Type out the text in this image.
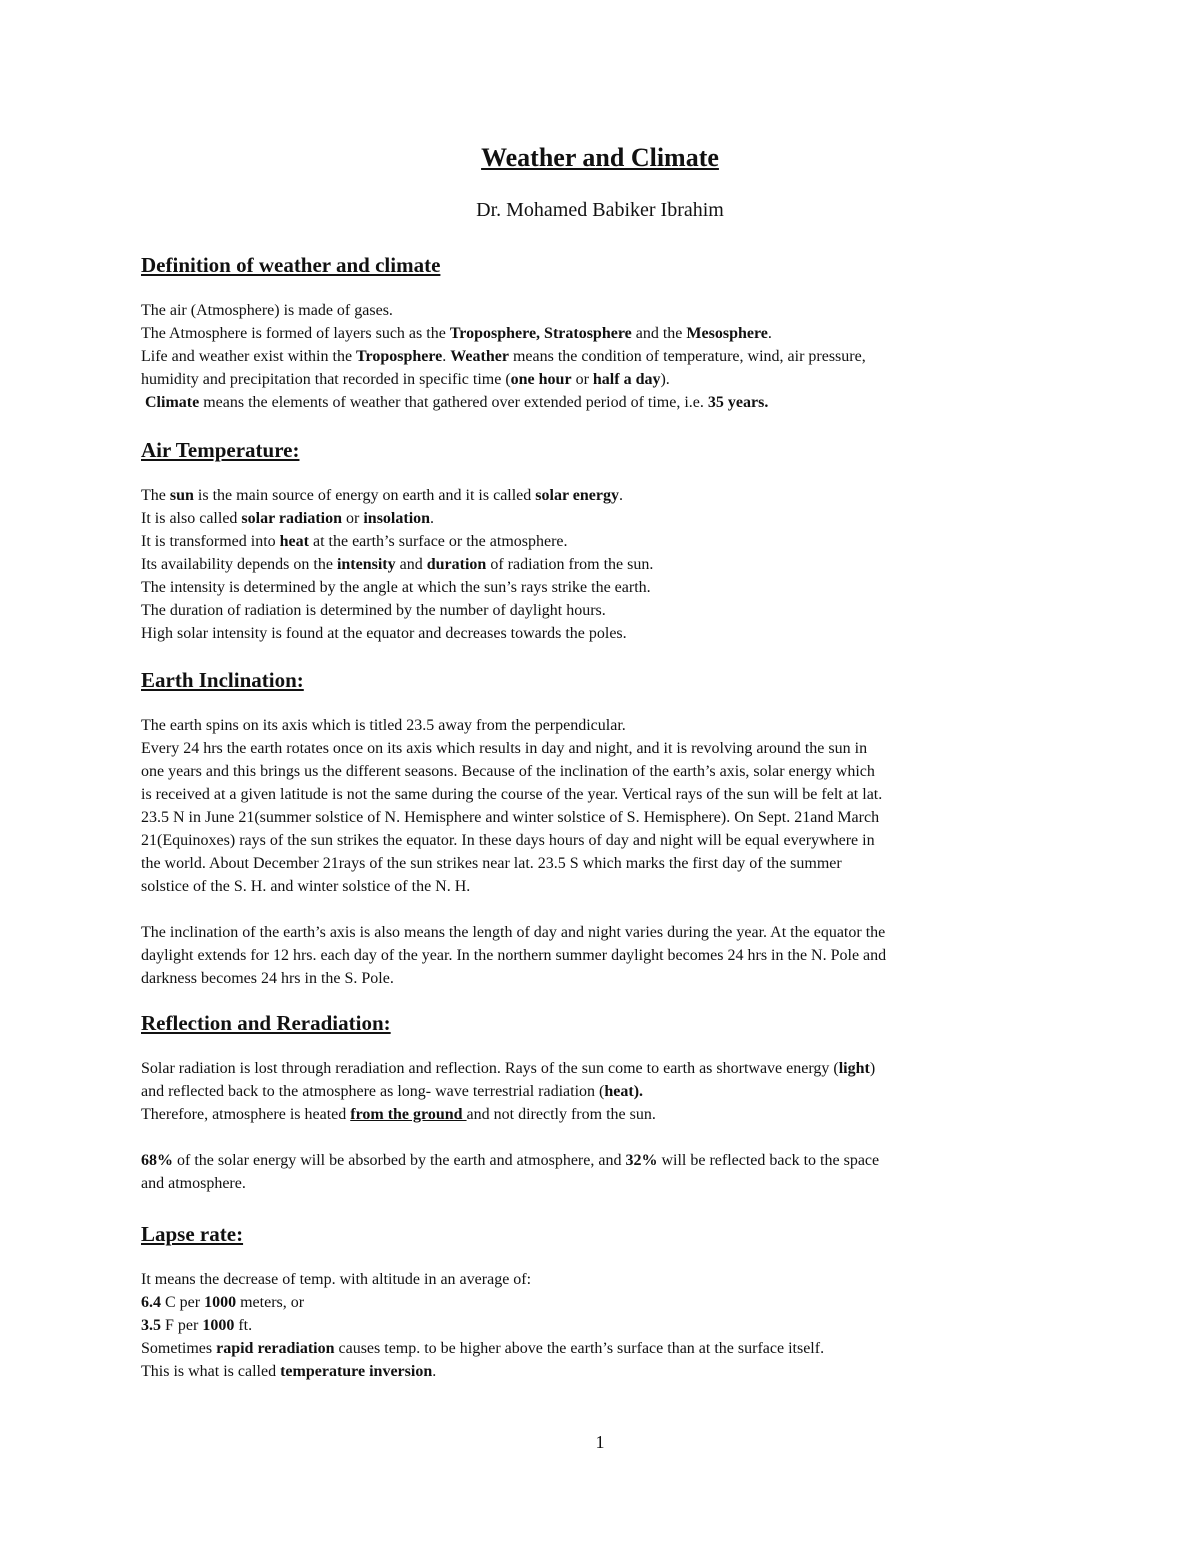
Weather and Climate
Dr. Mohamed Babiker Ibrahim
Definition of weather and climate
The air (Atmosphere) is made of gases.
The Atmosphere is formed of layers such as the Troposphere, Stratosphere and the Mesosphere.
Life and weather exist within the Troposphere. Weather means the condition of temperature, wind, air pressure,
humidity and precipitation that recorded in specific time (one hour or half a day).
Climate means the elements of weather that gathered over extended period of time, i.e. 35 years.
Air Temperature:
The sun is the main source of energy on earth and it is called solar energy.
It is also called solar radiation or insolation.
It is transformed into heat at the earth’s surface or the atmosphere.
Its availability depends on the intensity and duration of radiation from the sun.
The intensity is determined by the angle at which the sun’s rays strike the earth.
The duration of radiation is determined by the number of daylight hours.
High solar intensity is found at the equator and decreases towards the poles.
Earth Inclination:
The earth spins on its axis which is titled 23.5 away from the perpendicular.
Every 24 hrs the earth rotates once on its axis which results in day and night, and it is revolving around the sun in
one years and this brings us the different seasons. Because of the inclination of the earth’s axis, solar energy which
is received at a given latitude is not the same during the course of the year. Vertical rays of the sun will be felt at lat.
23.5 N in June 21(summer solstice of N. Hemisphere and winter solstice of S. Hemisphere). On Sept. 21and March
21(Equinoxes) rays of the sun strikes the equator. In these days hours of day and night will be equal everywhere in
the world. About December 21rays of the sun strikes near lat. 23.5 S which marks the first day of the summer
solstice of the S. H. and winter solstice of the N. H.
The inclination of the earth’s axis is also means the length of day and night varies during the year. At the equator the
daylight extends for 12 hrs. each day of the year. In the northern summer daylight becomes 24 hrs in the N. Pole and
darkness becomes 24 hrs in the S. Pole.
Reflection and Reradiation:
Solar radiation is lost through reradiation and reflection. Rays of the sun come to earth as shortwave energy (light)
and reflected back to the atmosphere as long- wave terrestrial radiation (heat).
Therefore, atmosphere is heated from the ground and not directly from the sun.
68% of the solar energy will be absorbed by the earth and atmosphere, and 32% will be reflected back to the space
and atmosphere.
Lapse rate:
It means the decrease of temp. with altitude in an average of:
6.4 C per 1000 meters, or
3.5 F per 1000 ft.
Sometimes rapid reradiation causes temp. to be higher above the earth’s surface than at the surface itself.
This is what is called temperature inversion.
1
